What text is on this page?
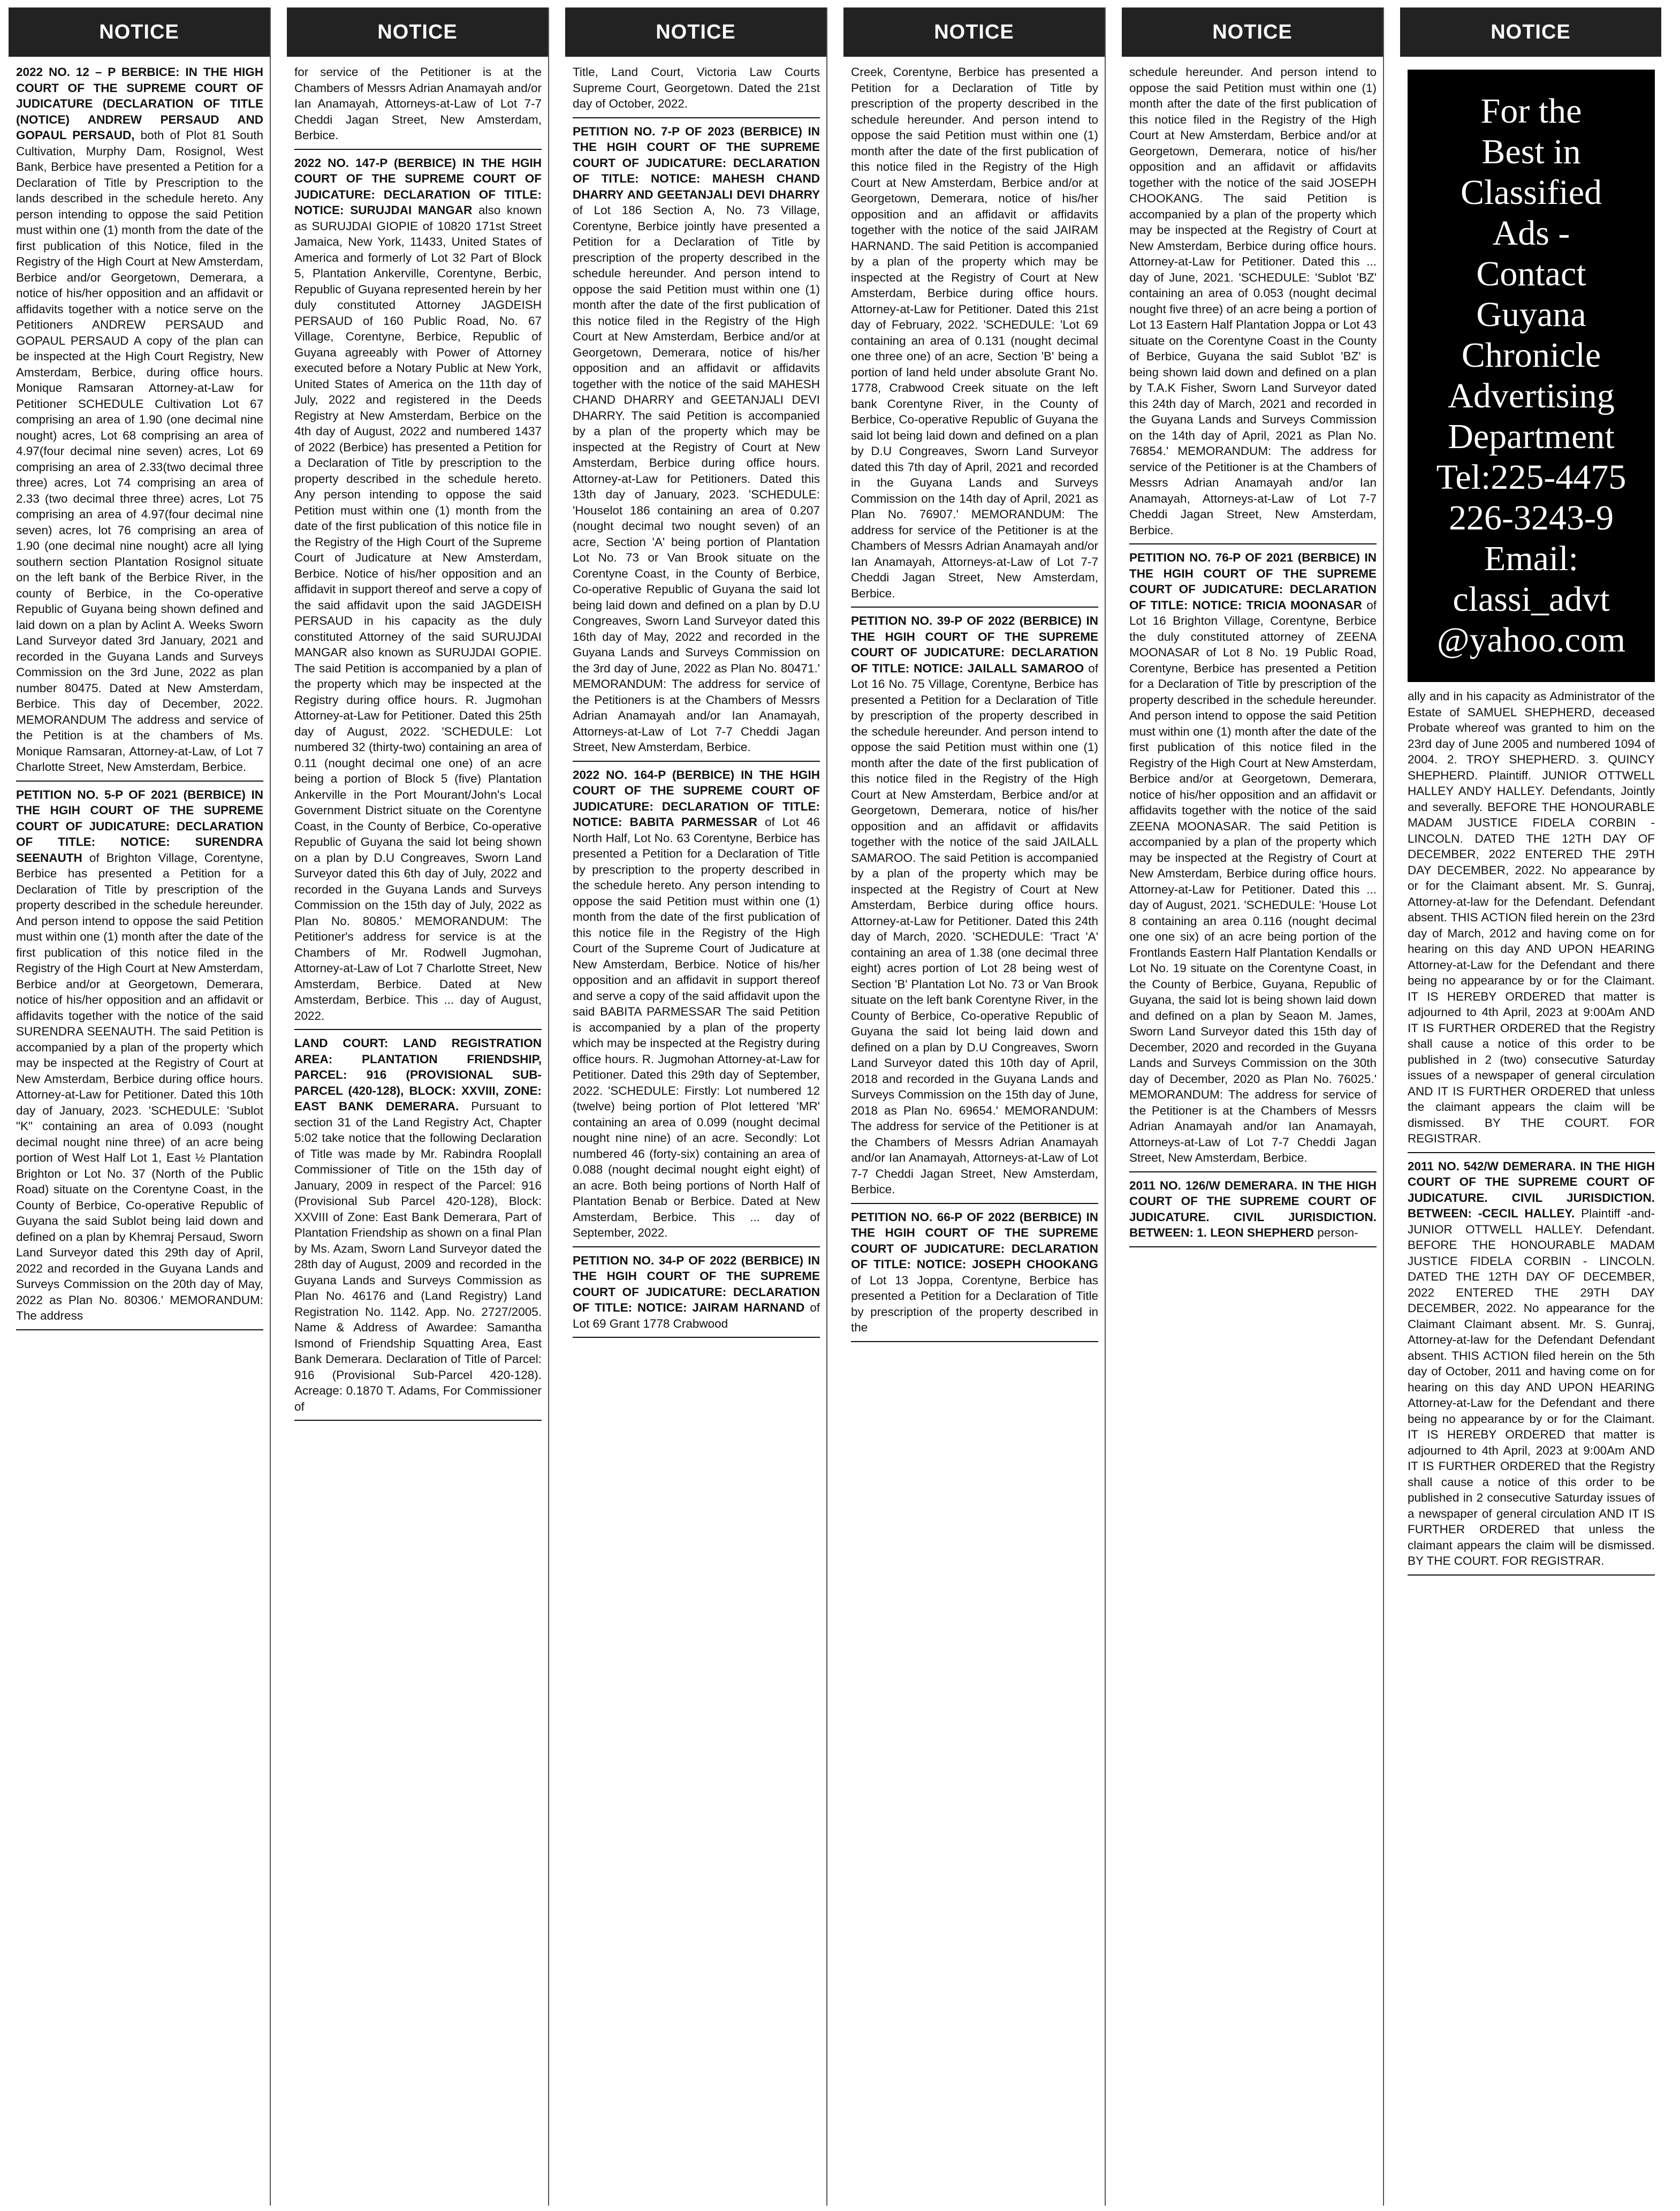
NOTICE

2022 NO. 12 – P BERBICE: IN THE HIGH COURT OF THE SUPREME COURT OF JUDICATURE (DECLARATION OF TITLE (NOTICE) ANDREW PERSAUD AND GOPAUL PERSAUD, both of Plot 81 South Cultivation, Murphy Dam, Rosignol, West Bank, Berbice have presented a Petition for a Declaration of Title by Prescription to the lands described in the schedule hereto. Any person intending to oppose the said Petition must within one (1) month from the date of the first publication of this Notice, filed in the Registry of the High Court at New Amsterdam, Berbice and/or Georgetown, Demerara, a notice of his/her opposition and an affidavit or affidavits together with a notice serve on the Petitioners ANDREW PERSAUD and GOPAUL PERSAUD A copy of the plan can be inspected at the High Court Registry, New Amsterdam, Berbice, during office hours. Monique Ramsaran Attorney-at-Law for Petitioner SCHEDULE Cultivation Lot 67 comprising an area of 1.90 (one decimal nine nought) acres, Lot 68 comprising an area of 4.97(four decimal nine seven) acres, Lot 69 comprising an area of 2.33(two decimal three three) acres, Lot 74 comprising an area of 2.33 (two decimal three three) acres, Lot 75 comprising an area of 4.97(four decimal nine seven) acres, lot 76 comprising an area of 1.90 (one decimal nine nought) acre all lying southern section Plantation Rosignol situate on the left bank of the Berbice River, in the county of Berbice, in the Co-operative Republic of Guyana being shown defined and laid down on a plan by Aclint A. Weeks Sworn Land Surveyor dated 3rd January, 2021 and recorded in the Guyana Lands and Surveys Commission on the 3rd June, 2022 as plan number 80475. Dated at New Amsterdam, Berbice. This day of December, 2022. MEMORANDUM The address and service of the Petition is at the chambers of Ms. Monique Ramsaran, Attorney-at-Law, of Lot 7 Charlotte Street, New Amsterdam, Berbice.

PETITION NO. 5-P OF 2021 (BERBICE) IN THE HGIH COURT OF THE SUPREME COURT OF JUDICATURE: DECLARATION OF TITLE: NOTICE: SURENDRA SEENAUTH of Brighton Village, Corentyne, Berbice has presented a Petition for a Declaration of Title by prescription of the property described in the schedule hereunder. And person intend to oppose the said Petition must within one (1) month after the date of the first publication of this notice filed in the Registry of the High Court at New Amsterdam, Berbice and/or at Georgetown, Demerara, notice of his/her opposition and an affidavit or affidavits together with the notice of the said SURENDRA SEENAUTH. The said Petition is accompanied by a plan of the property which may be inspected at the Registry of Court at New Amsterdam, Berbice during office hours. Attorney-at-Law for Petitioner. Dated this 10th day of January, 2023. 'SCHEDULE: 'Sublot "K" containing an area of 0.093 (nought decimal nought nine three) of an acre being portion of West Half Lot 1, East ½ Plantation Brighton or Lot No. 37 (North of the Public Road) situate on the Corentyne Coast, in the County of Berbice, Co-operative Republic of Guyana the said Sublot being laid down and defined on a plan by Khemraj Persaud, Sworn Land Surveyor dated this 29th day of April, 2022 and recorded in the Guyana Lands and Surveys Commission on the 20th day of May, 2022 as Plan No. 80306.' MEMORANDUM: The address

NOTICE

for service of the Petitioner is at the Chambers of Messrs Adrian Anamayah and/or Ian Anamayah, Attorneys-at-Law of Lot 7-7 Cheddi Jagan Street, New Amsterdam, Berbice.

2022 NO. 147-P (BERBICE) IN THE HGIH COURT OF THE SUPREME COURT OF JUDICATURE: DECLARATION OF TITLE: NOTICE: SURUJDAI MANGAR also known as SURUJDAI GIOPIE of 10820 171st Street Jamaica, New York, 11433, United States of America and formerly of Lot 32 Part of Block 5, Plantation Ankerville, Corentyne, Berbic, Republic of Guyana represented herein by her duly constituted Attorney JAGDEISH PERSAUD of 160 Public Road, No. 67 Village, Corentyne, Berbice, Republic of Guyana agreeably with Power of Attorney executed before a Notary Public at New York, United States of America on the 11th day of July, 2022 and registered in the Deeds Registry at New Amsterdam, Berbice on the 4th day of August, 2022 and numbered 1437 of 2022 (Berbice) has presented a Petition for a Declaration of Title by prescription to the property described in the schedule hereto. Any person intending to oppose the said Petition must within one (1) month from the date of the first publication of this notice file in the Registry of the High Court of the Supreme Court of Judicature at New Amsterdam, Berbice. Notice of his/her opposition and an affidavit in support thereof and serve a copy of the said affidavit upon the said JAGDEISH PERSAUD in his capacity as the duly constituted Attorney of the said SURUJDAI MANGAR also known as SURUJDAI GOPIE. The said Petition is accompanied by a plan of the property which may be inspected at the Registry during office hours. R. Jugmohan Attorney-at-Law for Petitioner. Dated this 25th day of August, 2022. 'SCHEDULE: Lot numbered 32 (thirty-two) containing an area of 0.11 (nought decimal one one) of an acre being a portion of Block 5 (five) Plantation Ankerville in the Port Mourant/John's Local Government District situate on the Corentyne Coast, in the County of Berbice, Co-operative Republic of Guyana the said lot being shown on a plan by D.U Congreaves, Sworn Land Surveyor dated this 6th day of July, 2022 and recorded in the Guyana Lands and Surveys Commission on the 15th day of July, 2022 as Plan No. 80805.' MEMORANDUM: The Petitioner's address for service is at the Chambers of Mr. Rodwell Jugmohan, Attorney-at-Law of Lot 7 Charlotte Street, New Amsterdam, Berbice. Dated at New Amsterdam, Berbice. This ... day of August, 2022.

LAND COURT: LAND REGISTRATION AREA: PLANTATION FRIENDSHIP, PARCEL: 916 (PROVISIONAL SUB-PARCEL (420-128), BLOCK: XXVIII, ZONE: EAST BANK DEMERARA. Pursuant to section 31 of the Land Registry Act, Chapter 5:02 take notice that the following Declaration of Title was made by Mr. Rabindra Rooplall Commissioner of Title on the 15th day of January, 2009 in respect of the Parcel: 916 (Provisional Sub Parcel 420-128), Block: XXVIII of Zone: East Bank Demerara, Part of Plantation Friendship as shown on a final Plan by Ms. Azam, Sworn Land Surveyor dated the 28th day of August, 2009 and recorded in the Guyana Lands and Surveys Commission as Plan No. 46176 and (Land Registry) Land Registration No. 1142. App. No. 2727/2005. Name & Address of Awardee: Samantha Ismond of Friendship Squatting Area, East Bank Demerara. Declaration of Title of Parcel: 916 (Provisional Sub-Parcel 420-128). Acreage: 0.1870 T. Adams, For Commissioner of

NOTICE

Title, Land Court, Victoria Law Courts Supreme Court, Georgetown. Dated the 21st day of October, 2022.

PETITION NO. 7-P OF 2023 (BERBICE) IN THE HGIH COURT OF THE SUPREME COURT OF JUDICATURE: DECLARATION OF TITLE: NOTICE: MAHESH CHAND DHARRY AND GEETANJALI DEVI DHARRY of Lot 186 Section A, No. 73 Village, Corentyne, Berbice jointly have presented a Petition for a Declaration of Title by prescription of the property described in the schedule hereunder. And person intend to oppose the said Petition must within one (1) month after the date of the first publication of this notice filed in the Registry of the High Court at New Amsterdam, Berbice and/or at Georgetown, Demerara, notice of his/her opposition and an affidavit or affidavits together with the notice of the said MAHESH CHAND DHARRY and GEETANJALI DEVI DHARRY. The said Petition is accompanied by a plan of the property which may be inspected at the Registry of Court at New Amsterdam, Berbice during office hours. Attorney-at-Law for Petitioners. Dated this 13th day of January, 2023. 'SCHEDULE: 'Houselot 186 containing an area of 0.207 (nought decimal two nought seven) of an acre, Section 'A' being portion of Plantation Lot No. 73 or Van Brook situate on the Corentyne Coast, in the County of Berbice, Co-operative Republic of Guyana the said lot being laid down and defined on a plan by D.U Congreaves, Sworn Land Surveyor dated this 16th day of May, 2022 and recorded in the Guyana Lands and Surveys Commission on the 3rd day of June, 2022 as Plan No. 80471.' MEMORANDUM: The address for service of the Petitioners is at the Chambers of Messrs Adrian Anamayah and/or Ian Anamayah, Attorneys-at-Law of Lot 7-7 Cheddi Jagan Street, New Amsterdam, Berbice.

2022 NO. 164-P (BERBICE) IN THE HGIH COURT OF THE SUPREME COURT OF JUDICATURE: DECLARATION OF TITLE: NOTICE: BABITA PARMESSAR of Lot 46 North Half, Lot No. 63 Corentyne, Berbice has presented a Petition for a Declaration of Title by prescription to the property described in the schedule hereto. Any person intending to oppose the said Petition must within one (1) month from the date of the first publication of this notice file in the Registry of the High Court of the Supreme Court of Judicature at New Amsterdam, Berbice. Notice of his/her opposition and an affidavit in support thereof and serve a copy of the said affidavit upon the said BABITA PARMESSAR The said Petition is accompanied by a plan of the property which may be inspected at the Registry during office hours. R. Jugmohan Attorney-at-Law for Petitioner. Dated this 29th day of September, 2022. 'SCHEDULE: Firstly: Lot numbered 12 (twelve) being portion of Plot lettered 'MR' containing an area of 0.099 (nought decimal nought nine nine) of an acre. Secondly: Lot numbered 46 (forty-six) containing an area of 0.088 (nought decimal nought eight eight) of an acre. Both being portions of North Half of Plantation Benab or Berbice. Dated at New Amsterdam, Berbice. This ... day of September, 2022.

PETITION NO. 34-P OF 2022 (BERBICE) IN THE HGIH COURT OF THE SUPREME COURT OF JUDICATURE: DECLARATION OF TITLE: NOTICE: JAIRAM HARNAND of Lot 69 Grant 1778 Crabwood

NOTICE

Creek, Corentyne, Berbice has presented a Petition for a Declaration of Title by prescription of the property described in the schedule hereunder. And person intend to oppose the said Petition must within one (1) month after the date of the first publication of this notice filed in the Registry of the High Court at New Amsterdam, Berbice and/or at Georgetown, Demerara, notice of his/her opposition and an affidavit or affidavits together with the notice of the said JAIRAM HARNAND. The said Petition is accompanied by a plan of the property which may be inspected at the Registry of Court at New Amsterdam, Berbice during office hours. Attorney-at-Law for Petitioner. Dated this 21st day of February, 2022. 'SCHEDULE: 'Lot 69 containing an area of 0.131 (nought decimal one three one) of an acre, Section 'B' being a portion of land held under absolute Grant No. 1778, Crabwood Creek situate on the left bank Corentyne River, in the County of Berbice, Co-operative Republic of Guyana the said lot being laid down and defined on a plan by D.U Congreaves, Sworn Land Surveyor dated this 7th day of April, 2021 and recorded in the Guyana Lands and Surveys Commission on the 14th day of April, 2021 as Plan No. 76907.' MEMORANDUM: The address for service of the Petitioner is at the Chambers of Messrs Adrian Anamayah and/or Ian Anamayah, Attorneys-at-Law of Lot 7-7 Cheddi Jagan Street, New Amsterdam, Berbice.

PETITION NO. 39-P OF 2022 (BERBICE) IN THE HGIH COURT OF THE SUPREME COURT OF JUDICATURE: DECLARATION OF TITLE: NOTICE: JAILALL SAMAROO of Lot 16 No. 75 Village, Corentyne, Berbice has presented a Petition for a Declaration of Title by prescription of the property described in the schedule hereunder. And person intend to oppose the said Petition must within one (1) month after the date of the first publication of this notice filed in the Registry of the High Court at New Amsterdam, Berbice and/or at Georgetown, Demerara, notice of his/her opposition and an affidavit or affidavits together with the notice of the said JAILALL SAMAROO. The said Petition is accompanied by a plan of the property which may be inspected at the Registry of Court at New Amsterdam, Berbice during office hours. Attorney-at-Law for Petitioner. Dated this 24th day of March, 2020. 'SCHEDULE: 'Tract 'A' containing an area of 1.38 (one decimal three eight) acres portion of Lot 28 being west of Section 'B' Plantation Lot No. 73 or Van Brook situate on the left bank Corentyne River, in the County of Berbice, Co-operative Republic of Guyana the said lot being laid down and defined on a plan by D.U Congreaves, Sworn Land Surveyor dated this 10th day of April, 2018 and recorded in the Guyana Lands and Surveys Commission on the 15th day of June, 2018 as Plan No. 69654.' MEMORANDUM: The address for service of the Petitioner is at the Chambers of Messrs Adrian Anamayah and/or Ian Anamayah, Attorneys-at-Law of Lot 7-7 Cheddi Jagan Street, New Amsterdam, Berbice.

PETITION NO. 66-P OF 2022 (BERBICE) IN THE HGIH COURT OF THE SUPREME COURT OF JUDICATURE: DECLARATION OF TITLE: NOTICE: JOSEPH CHOOKANG of Lot 13 Joppa, Corentyne, Berbice has presented a Petition for a Declaration of Title by prescription of the property described in the

NOTICE

schedule hereunder. And person intend to oppose the said Petition must within one (1) month after the date of the first publication of this notice filed in the Registry of the High Court at New Amsterdam, Berbice and/or at Georgetown, Demerara, notice of his/her opposition and an affidavit or affidavits together with the notice of the said JOSEPH CHOOKANG. The said Petition is accompanied by a plan of the property which may be inspected at the Registry of Court at New Amsterdam, Berbice during office hours. Attorney-at-Law for Petitioner. Dated this ... day of June, 2021. 'SCHEDULE: 'Sublot 'BZ' containing an area of 0.053 (nought decimal nought five three) of an acre being a portion of Lot 13 Eastern Half Plantation Joppa or Lot 43 situate on the Corentyne Coast in the County of Berbice, Guyana the said Sublot 'BZ' is being shown laid down and defined on a plan by T.A.K Fisher, Sworn Land Surveyor dated this 24th day of March, 2021 and recorded in the Guyana Lands and Surveys Commission on the 14th day of April, 2021 as Plan No. 76854.' MEMORANDUM: The address for service of the Petitioner is at the Chambers of Messrs Adrian Anamayah and/or Ian Anamayah, Attorneys-at-Law of Lot 7-7 Cheddi Jagan Street, New Amsterdam, Berbice.

PETITION NO. 76-P OF 2021 (BERBICE) IN THE HGIH COURT OF THE SUPREME COURT OF JUDICATURE: DECLARATION OF TITLE: NOTICE: TRICIA MOONASAR of Lot 16 Brighton Village, Corentyne, Berbice the duly constituted attorney of ZEENA MOONASAR of Lot 8 No. 19 Public Road, Corentyne, Berbice has presented a Petition for a Declaration of Title by prescription of the property described in the schedule hereunder. And person intend to oppose the said Petition must within one (1) month after the date of the first publication of this notice filed in the Registry of the High Court at New Amsterdam, Berbice and/or at Georgetown, Demerara, notice of his/her opposition and an affidavit or affidavits together with the notice of the said ZEENA MOONASAR. The said Petition is accompanied by a plan of the property which may be inspected at the Registry of Court at New Amsterdam, Berbice during office hours. Attorney-at-Law for Petitioner. Dated this ... day of August, 2021. 'SCHEDULE: 'House Lot 8 containing an area 0.116 (nought decimal one one six) of an acre being portion of the Frontlands Eastern Half Plantation Kendalls or Lot No. 19 situate on the Corentyne Coast, in the County of Berbice, Guyana, Republic of Guyana, the said lot is being shown laid down and defined on a plan by Seaon M. James, Sworn Land Surveyor dated this 15th day of December, 2020 and recorded in the Guyana Lands and Surveys Commission on the 30th day of December, 2020 as Plan No. 76025.' MEMORANDUM: The address for service of the Petitioner is at the Chambers of Messrs Adrian Anamayah and/or Ian Anamayah, Attorneys-at-Law of Lot 7-7 Cheddi Jagan Street, New Amsterdam, Berbice.

2011 NO. 126/W DEMERARA. IN THE HIGH COURT OF THE SUPREME COURT OF JUDICATURE. CIVIL JURISDICTION. BETWEEN: 1. LEON SHEPHERD person-

NOTICE
For the
Best in
Classified
Ads -
Contact
Guyana
Chronicle
Advertising
Department
Tel:225-4475
226-3243-9
Email:
classi_advt
@yahoo.com

ally and in his capacity as Administrator of the Estate of SAMUEL SHEPHERD, deceased Probate whereof was granted to him on the 23rd day of June 2005 and numbered 1094 of 2004. 2. TROY SHEPHERD. 3. QUINCY SHEPHERD. Plaintiff. JUNIOR OTTWELL HALLEY ANDY HALLEY. Defendants, Jointly and severally. BEFORE THE HONOURABLE MADAM JUSTICE FIDELA CORBIN - LINCOLN. DATED THE 12TH DAY OF DECEMBER, 2022 ENTERED THE 29TH DAY DECEMBER, 2022. No appearance by or for the Claimant absent. Mr. S. Gunraj, Attorney-at-law for the Defendant. Defendant absent. THIS ACTION filed herein on the 23rd day of March, 2012 and having come on for hearing on this day AND UPON HEARING Attorney-at-Law for the Defendant and there being no appearance by or for the Claimant. IT IS HEREBY ORDERED that matter is adjourned to 4th April, 2023 at 9:00Am AND IT IS FURTHER ORDERED that the Registry shall cause a notice of this order to be published in 2 (two) consecutive Saturday issues of a newspaper of general circulation AND IT IS FURTHER ORDERED that unless the claimant appears the claim will be dismissed. BY THE COURT. FOR REGISTRAR.

2011 NO. 542/W DEMERARA. IN THE HIGH COURT OF THE SUPREME COURT OF JUDICATURE. CIVIL JURISDICTION. BETWEEN: -CECIL HALLEY. Plaintiff -and- JUNIOR OTTWELL HALLEY. Defendant. BEFORE THE HONOURABLE MADAM JUSTICE FIDELA CORBIN - LINCOLN. DATED THE 12TH DAY OF DECEMBER, 2022 ENTERED THE 29TH DAY DECEMBER, 2022. No appearance for the Claimant Claimant absent. Mr. S. Gunraj, Attorney-at-law for the Defendant Defendant absent. THIS ACTION filed herein on the 5th day of October, 2011 and having come on for hearing on this day AND UPON HEARING Attorney-at-Law for the Defendant and there being no appearance by or for the Claimant. IT IS HEREBY ORDERED that matter is adjourned to 4th April, 2023 at 9:00Am AND IT IS FURTHER ORDERED that the Registry shall cause a notice of this order to be published in 2 consecutive Saturday issues of a newspaper of general circulation AND IT IS FURTHER ORDERED that unless the claimant appears the claim will be dismissed. BY THE COURT. FOR REGISTRAR.
